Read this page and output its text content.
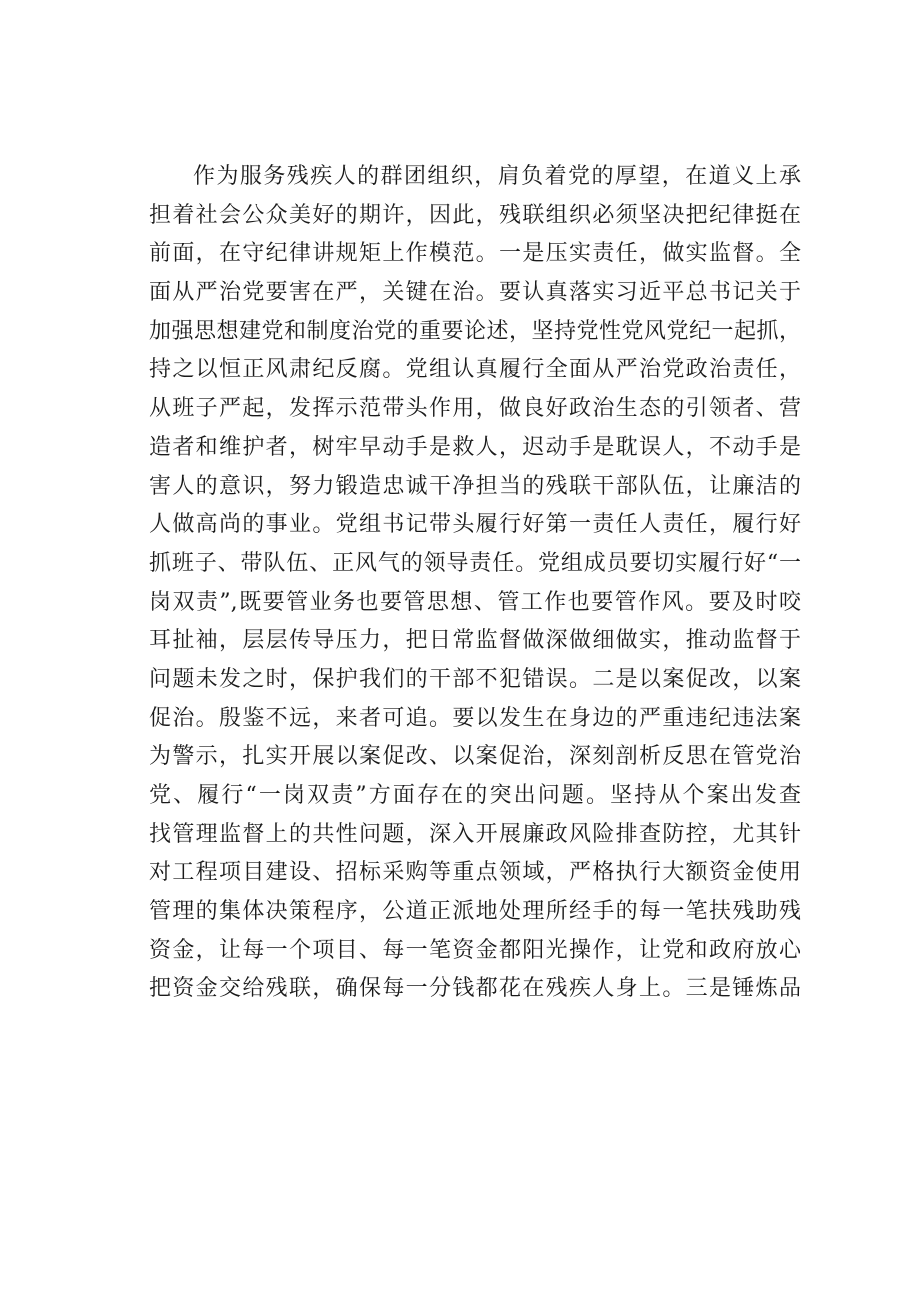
作为服务残疾人的群团组织，肩负着党的厚望，在道义上承
担着社会公众美好的期许，因此，残联组织必须坚决把纪律挺在
前面，在守纪律讲规矩上作模范。一是压实责任，做实监督。全
面从严治党要害在严，关键在治。要认真落实习近平总书记关于
加强思想建党和制度治党的重要论述，坚持党性党风党纪一起抓，
持之以恒正风肃纪反腐。党组认真履行全面从严治党政治责任，
从班子严起，发挥示范带头作用，做良好政治生态的引领者、营
造者和维护者，树牢早动手是救人，迟动手是耽误人，不动手是
害人的意识，努力锻造忠诚干净担当的残联干部队伍，让廉洁的
人做高尚的事业。党组书记带头履行好第一责任人责任，履行好
抓班子、带队伍、正风气的领导责任。党组成员要切实履行好“一
岗双责”,既要管业务也要管思想、管工作也要管作风。要及时咬
耳扯袖，层层传导压力，把日常监督做深做细做实，推动监督于
问题未发之时，保护我们的干部不犯错误。二是以案促改，以案
促治。殷鉴不远，来者可追。要以发生在身边的严重违纪违法案
为警示，扎实开展以案促改、以案促治，深刻剖析反思在管党治
党、履行“一岗双责”方面存在的突出问题。坚持从个案出发查
找管理监督上的共性问题，深入开展廉政风险排查防控，尤其针
对工程项目建设、招标采购等重点领域，严格执行大额资金使用
管理的集体决策程序，公道正派地处理所经手的每一笔扶残助残
资金，让每一个项目、每一笔资金都阳光操作，让党和政府放心
把资金交给残联，确保每一分钱都花在残疾人身上。三是锤炼品
